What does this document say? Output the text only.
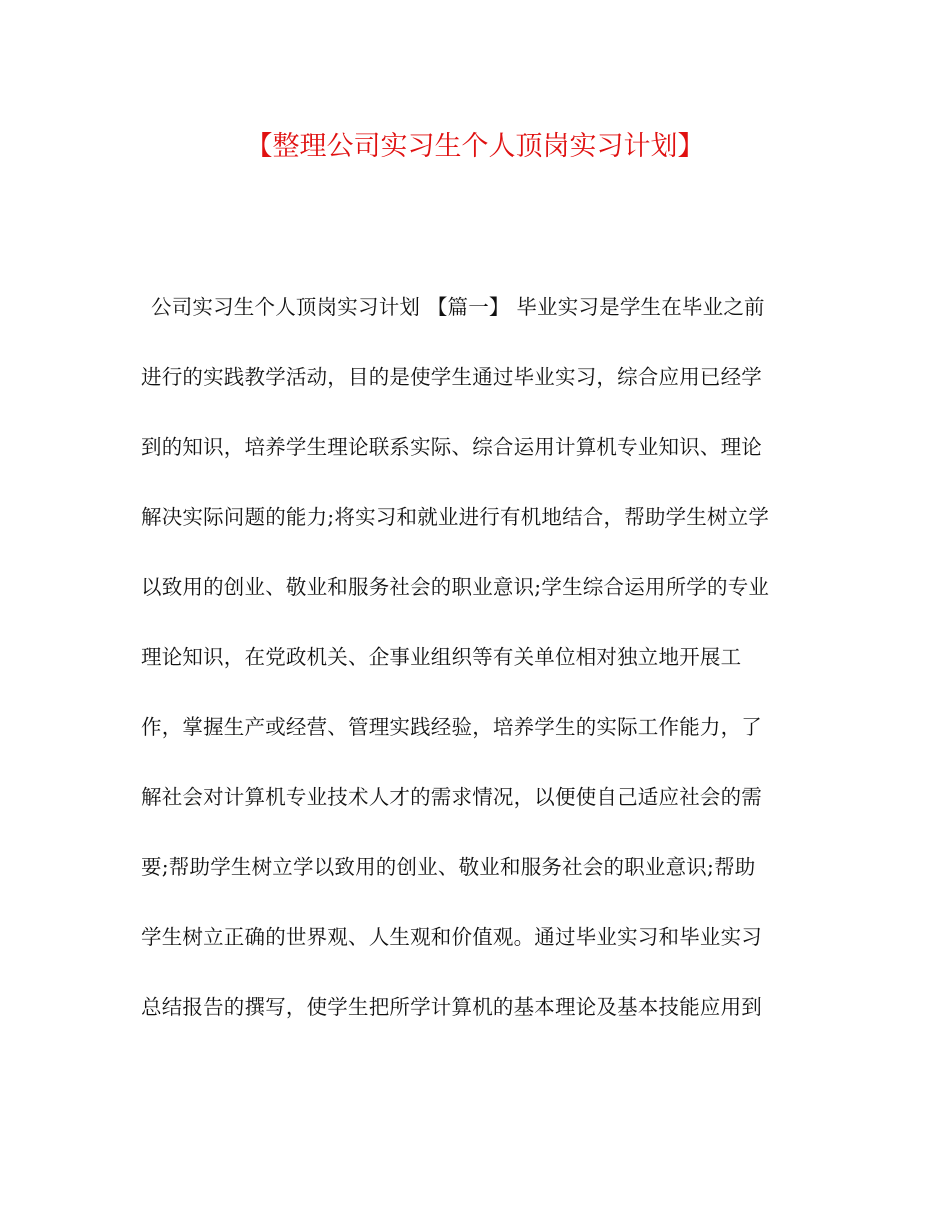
【整理公司实习生个人顶岗实习计划】
公司实习生个人顶岗实习计划 【篇一】 毕业实习是学生在毕业之前
进行的实践教学活动，目的是使学生通过毕业实习，综合应用已经学
到的知识，培养学生理论联系实际、综合运用计算机专业知识、理论
解决实际问题的能力;将实习和就业进行有机地结合，帮助学生树立学
以致用的创业、敬业和服务社会的职业意识;学生综合运用所学的专业
理论知识，在党政机关、企事业组织等有关单位相对独立地开展工
作，掌握生产或经营、管理实践经验，培养学生的实际工作能力，了
解社会对计算机专业技术人才的需求情况，以便使自己适应社会的需
要;帮助学生树立学以致用的创业、敬业和服务社会的职业意识;帮助
学生树立正确的世界观、人生观和价值观。通过毕业实习和毕业实习
总结报告的撰写，使学生把所学计算机的基本理论及基本技能应用到
